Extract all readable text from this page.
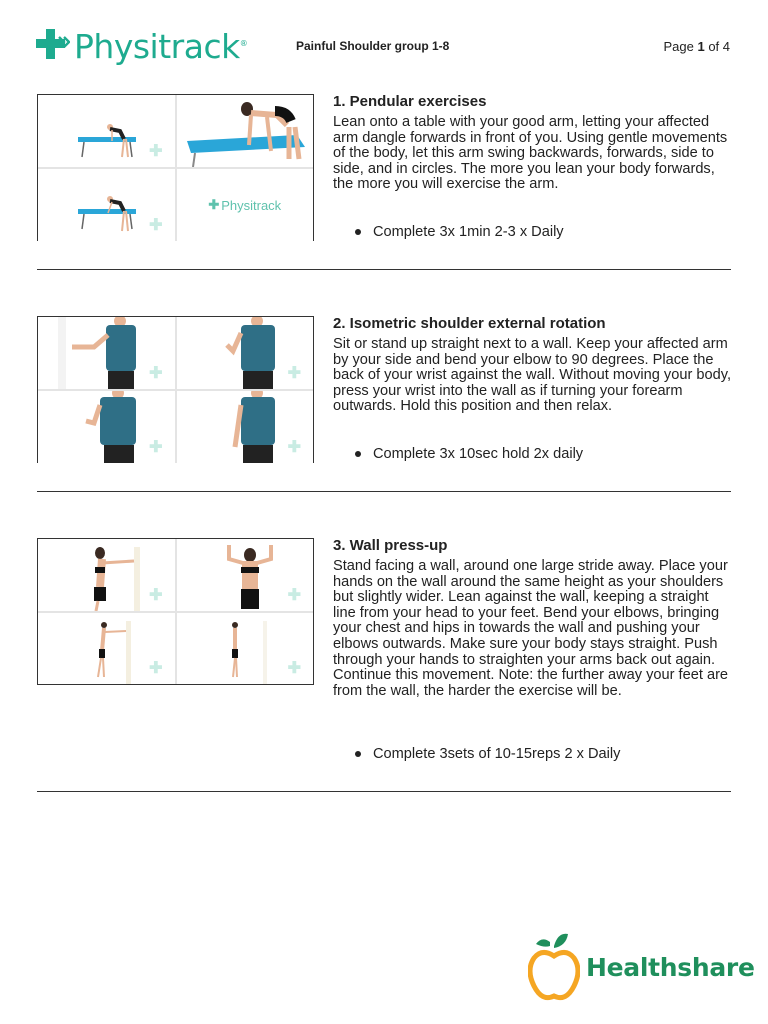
Physitrack®	Painful Shoulder group 1-8	Page 1 of 4
✚
✚
✚ Physitrack
1. Pendular exercises
Lean onto a table with your good arm, letting your affected arm dangle forwards in front of you. Using gentle movements of the body, let this arm swing backwards, forwards, side to side, and in circles. The more you lean your body forwards, the more you will exercise the arm.
Complete 3x 1min 2-3 x Daily
✚	✚
✚	✚
2. Isometric shoulder external rotation
Sit or stand up straight next to a wall. Keep your affected arm by your side and bend your elbow to 90 degrees. Place the back of your wrist against the wall. Without moving your body, press your wrist into the wall as if turning your forearm outwards. Hold this position and then relax.
Complete 3x 10sec hold 2x daily
✚	✚
✚	✚
3. Wall press-up
Stand facing a wall, around one large stride away. Place your hands on the wall around the same height as your shoulders but slightly wider. Lean against the wall, keeping a straight line from your head to your feet. Bend your elbows, bringing your chest and hips in towards the wall and pushing your elbows outwards. Make sure your body stays straight. Push through your hands to straighten your arms back out again. Continue this movement. Note: the further away your feet are from the wall, the harder the exercise will be.
Complete 3sets of 10-15reps 2 x Daily
Healthshare
